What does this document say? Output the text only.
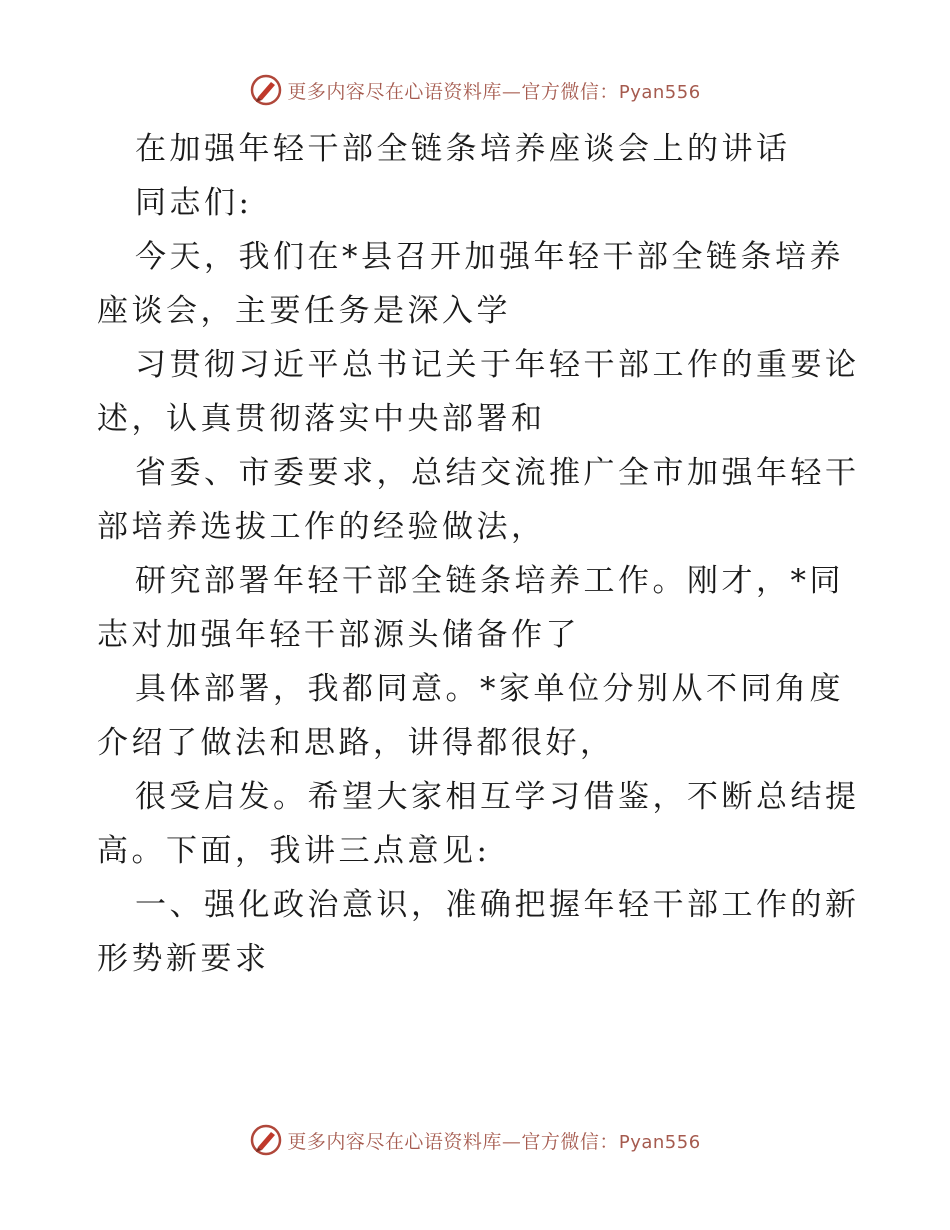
更多内容尽在心语资料库—官方微信：Pyan556
在加强年轻干部全链条培养座谈会上的讲话
同志们:
今天，我们在*县召开加强年轻干部全链条培养
座谈会，主要任务是深入学
习贯彻习近平总书记关于年轻干部工作的重要论
述，认真贯彻落实中央部署和
省委、市委要求，总结交流推广全市加强年轻干
部培养选拔工作的经验做法，
研究部署年轻干部全链条培养工作。刚才，*同
志对加强年轻干部源头储备作了
具体部署，我都同意。*家单位分别从不同角度
介绍了做法和思路，讲得都很好，
很受启发。希望大家相互学习借鉴，不断总结提
高。下面，我讲三点意见:
一、强化政治意识，准确把握年轻干部工作的新
形势新要求
更多内容尽在心语资料库—官方微信：Pyan556
